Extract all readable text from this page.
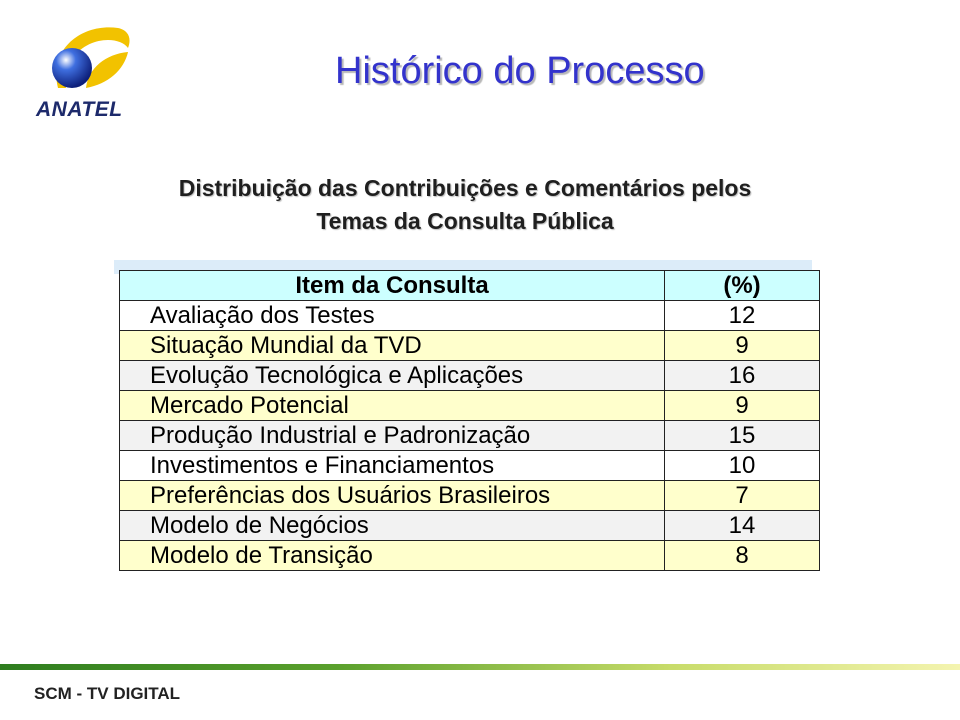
ANATEL
Histórico do Processo
Distribuição das Contribuições e Comentários pelos
Temas da Consulta Pública
Item da Consulta	(%)
Avaliação dos Testes	12
Situação Mundial da TVD	9
Evolução Tecnológica e Aplicações	16
Mercado Potencial	9
Produção Industrial e Padronização	15
Investimentos e Financiamentos	10
Preferências dos Usuários Brasileiros	7
Modelo de Negócios	14
Modelo de Transição	8
SCM - TV DIGITAL
